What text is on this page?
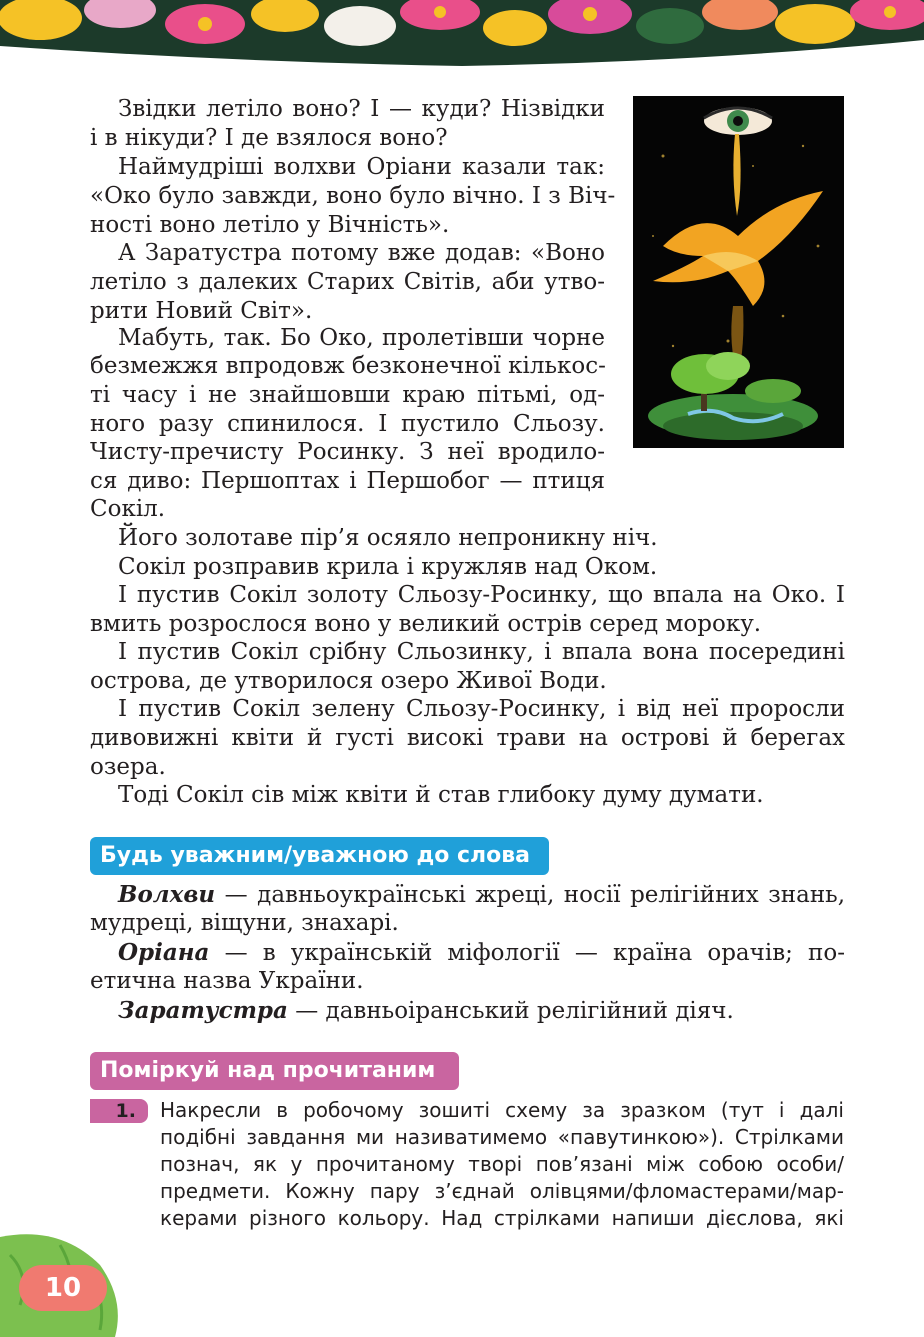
Звідки летіло воно? І — куди? Нізвідки
і в нікуди? І де взялося воно?
Наймудріші волхви Оріани казали так:
«Око було завжди, воно було вічно. І з Віч-
ності воно летіло у Вічність».
А Заратустра потому вже додав: «Воно
летіло з далеких Старих Світів, аби утво-
рити Новий Світ».
Мабуть, так. Бо Око, пролетівши чорне
безмежжя впродовж безконечної кількос-
ті часу і не знайшовши краю пітьмі, од-
ного разу спинилося. І пустило Сльозу.
Чисту-пречисту Росинку. З неї вродило-
ся диво: Першоптах і Першобог — птиця
Сокіл.
Його золотаве пір’я осяяло непроникну ніч.
Сокіл розправив крила і кружляв над Оком.
І пустив Сокіл золоту Сльозу-Росинку, що впала на Око. І
вмить розрослося воно у великий острів серед мороку.
І пустив Сокіл срібну Сльозинку, і впала вона посередині
острова, де утворилося озеро Живої Води.
І пустив Сокіл зелену Сльозу-Росинку, і від неї проросли
дивовижні квіти й густі високі трави на острові й берегах
озера.
Тоді Сокіл сів між квіти й став глибоку думу думати.
Будь уважним/уважною до слова
Волхви — давньоукраїнські жреці, носії релігійних знань,
мудреці, віщуни, знахарі.
Оріана — в українській міфології — країна орачів; по-
етична назва України.
Заратустра — давньоіранський релігійний діяч.
Поміркуй над прочитаним
1.	Накресли в робочому зошиті схему за зразком (тут і далі
подібні завдання ми називатимемо «павутинкою»). Стрілками
познач, як у прочитаному творі пов’язані між собою особи/
предмети. Кожну пару з’єднай олівцями/фломастерами/мар-
керами різного кольору. Над стрілками напиши дієслова, які
10
